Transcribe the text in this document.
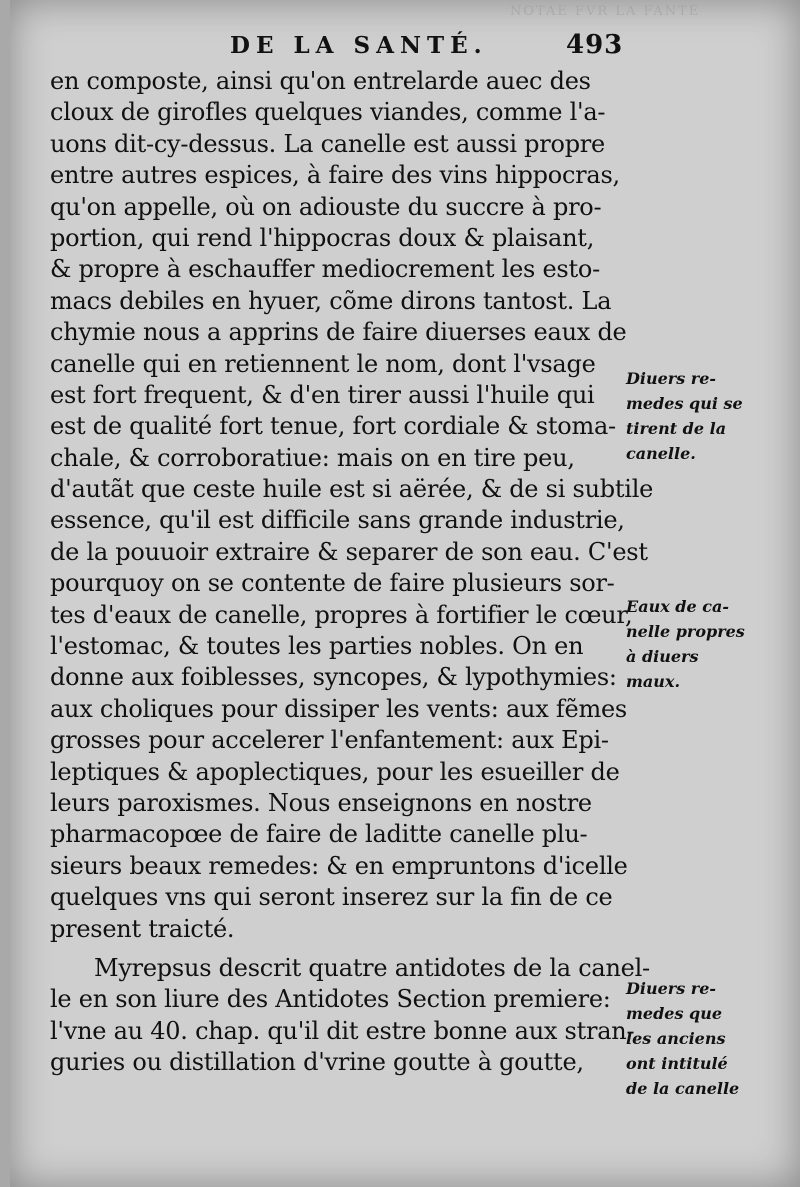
NOTAE FVR LA FANTÉ
DE LA SANTÉ.	493
en composte, ainsi qu'on entrelarde auec des
cloux de girofles quelques viandes, comme l'a-
uons dit-cy-dessus. La canelle est aussi propre
entre autres espices, à faire des vins hippocras,
qu'on appelle, où on adiouste du succre à pro-
portion, qui rend l'hippocras doux & plaisant,
& propre à eschauffer mediocrement les esto-
macs debiles en hyuer, cõme dirons tantost. La
chymie nous a apprins de faire diuerses eaux de
canelle qui en retiennent le nom, dont l'vsage
est fort frequent, & d'en tirer aussi l'huile qui
est de qualité fort tenue, fort cordiale & stoma-
chale, & corroboratiue: mais on en tire peu,
d'autãt que ceste huile est si aërée, & de si subtile
essence, qu'il est difficile sans grande industrie,
de la pouuoir extraire & separer de son eau. C'est
pourquoy on se contente de faire plusieurs sor-
tes d'eaux de canelle, propres à fortifier le cœur,
l'estomac, & toutes les parties nobles. On en
donne aux foiblesses, syncopes, & lypothymies:
aux choliques pour dissiper les vents: aux fẽmes
grosses pour accelerer l'enfantement: aux Epi-
leptiques & apoplectiques, pour les esueiller de
leurs paroxismes. Nous enseignons en nostre
pharmacopœe de faire de laditte canelle plu-
sieurs beaux remedes: & en empruntons d'icelle
quelques vns qui seront inserez sur la fin de ce
present traicté.
Myrepsus descrit quatre antidotes de la canel-
le en son liure des Antidotes Section premiere:
l'vne au 40. chap. qu'il dit estre bonne aux stran-
guries ou distillation d'vrine goutte à goutte,
Diuers re-
medes qui se
tirent de la
canelle.
Eaux de ca-
nelle propres
à diuers
maux.
Diuers re-
medes que
les anciens
ont intitulé
de la canelle
